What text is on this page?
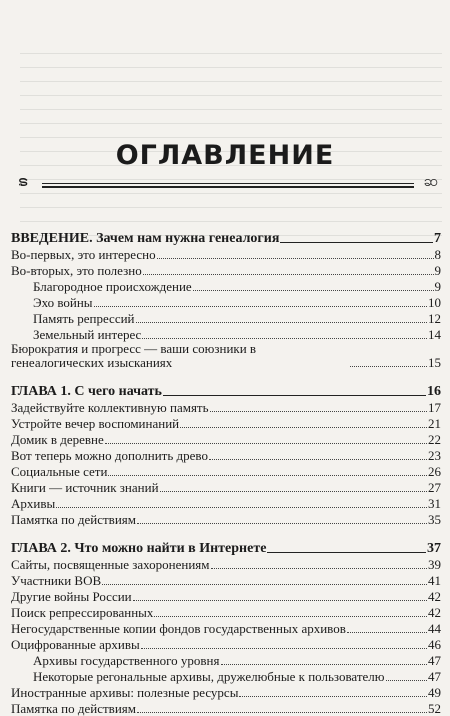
ОГЛАВЛЕНИЕ
ຣ	ဆ
ВВЕДЕНИЕ. Зачем нам нужна генеалогия	7
Во-первых, это интересно	8
Во-вторых, это полезно	9
Благородное происхождение	9
Эхо войны	10
Память репрессий	12
Земельный интерес	14
Бюрократия и прогресс — ваши союзники в генеалогических изысканиях	15
ГЛАВА 1. С чего начать	16
Задействуйте коллективную память	17
Устройте вечер воспоминаний	21
Домик в деревне	22
Вот теперь можно дополнить древо	23
Социальные сети	26
Книги — источник знаний	27
Архивы	31
Памятка по действиям	35
ГЛАВА 2. Что можно найти в Интернете	37
Сайты, посвященные захоронениям	39
Участники ВОВ	41
Другие войны России	42
Поиск репрессированных	42
Негосударственные копии фондов государственных архивов	44
Оцифрованные архивы	46
Архивы государственного уровня	47
Некоторые регональные архивы, дружелюбные к пользователю	47
Иностранные архивы: полезные ресурсы	49
Памятка по действиям	52
